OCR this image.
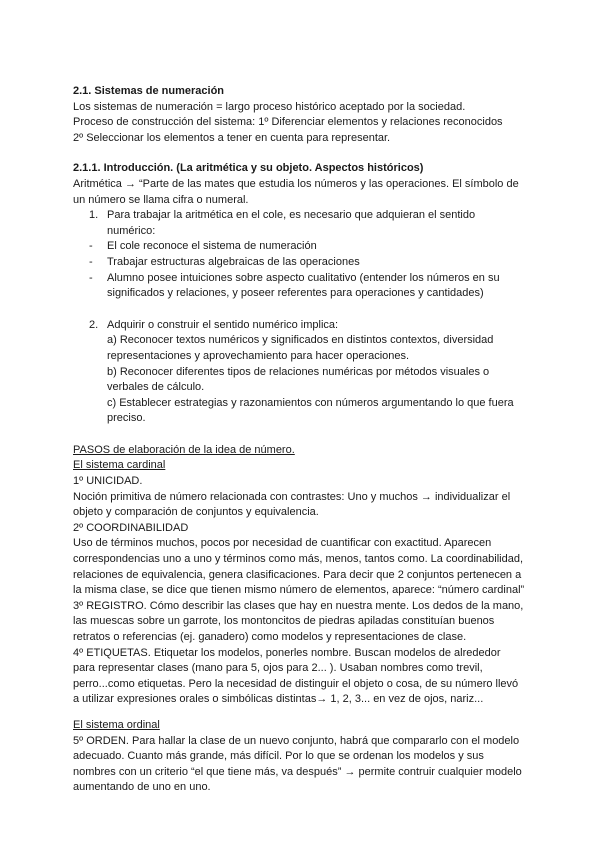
2.1. Sistemas de numeración
Los sistemas de numeración = largo proceso histórico aceptado por la sociedad.
Proceso de construcción del sistema: 1º Diferenciar elementos y relaciones reconocidos
2º Seleccionar los elementos a tener en cuenta para representar.
2.1.1. Introducción. (La aritmética y su objeto. Aspectos históricos)
Aritmética → “Parte de las mates que estudia los números y las operaciones. El símbolo de
un número se llama cifra o numeral.
1. Para trabajar la aritmética en el cole, es necesario que adquieran el sentido
numérico:
- El cole reconoce el sistema de numeración
- Trabajar estructuras algebraicas de las operaciones
- Alumno posee intuiciones sobre aspecto cualitativo (entender los números en su
significados y relaciones, y poseer referentes para operaciones y cantidades)
2. Adquirir o construir el sentido numérico implica:
a) Reconocer textos numéricos y significados en distintos contextos, diversidad
representaciones y aprovechamiento para hacer operaciones.
b) Reconocer diferentes tipos de relaciones numéricas por métodos visuales o
verbales de cálculo.
c) Establecer estrategias y razonamientos con números argumentando lo que fuera
preciso.
PASOS de elaboración de la idea de número.
El sistema cardinal
1º UNICIDAD.
Noción primitiva de número relacionada con contrastes: Uno y muchos → individualizar el
objeto y comparación de conjuntos y equivalencia.
2º COORDINABILIDAD
Uso de términos muchos, pocos por necesidad de cuantificar con exactitud. Aparecen
correspondencias uno a uno y términos como más, menos, tantos como. La coordinabilidad,
relaciones de equivalencia, genera clasificaciones. Para decir que 2 conjuntos pertenecen a
la misma clase, se dice que tienen mismo número de elementos, aparece: “número cardinal”
3º REGISTRO. Cómo describir las clases que hay en nuestra mente. Los dedos de la mano,
las muescas sobre un garrote, los montoncitos de piedras apiladas constituían buenos
retratos o referencias (ej. ganadero) como modelos y representaciones de clase.
4º ETIQUETAS. Etiquetar los modelos, ponerles nombre. Buscan modelos de alrededor
para representar clases (mano para 5, ojos para 2... ). Usaban nombres como trevil,
perro...como etiquetas. Pero la necesidad de distinguir el objeto o cosa, de su número llevó
a utilizar expresiones orales o simbólicas distintas→ 1, 2, 3... en vez de ojos, nariz...
El sistema ordinal
5º ORDEN. Para hallar la clase de un nuevo conjunto, habrá que compararlo con el modelo
adecuado. Cuanto más grande, más difícil. Por lo que se ordenan los modelos y sus
nombres con un criterio “el que tiene más, va después” → permite contruir cualquier modelo
aumentando de uno en uno.
